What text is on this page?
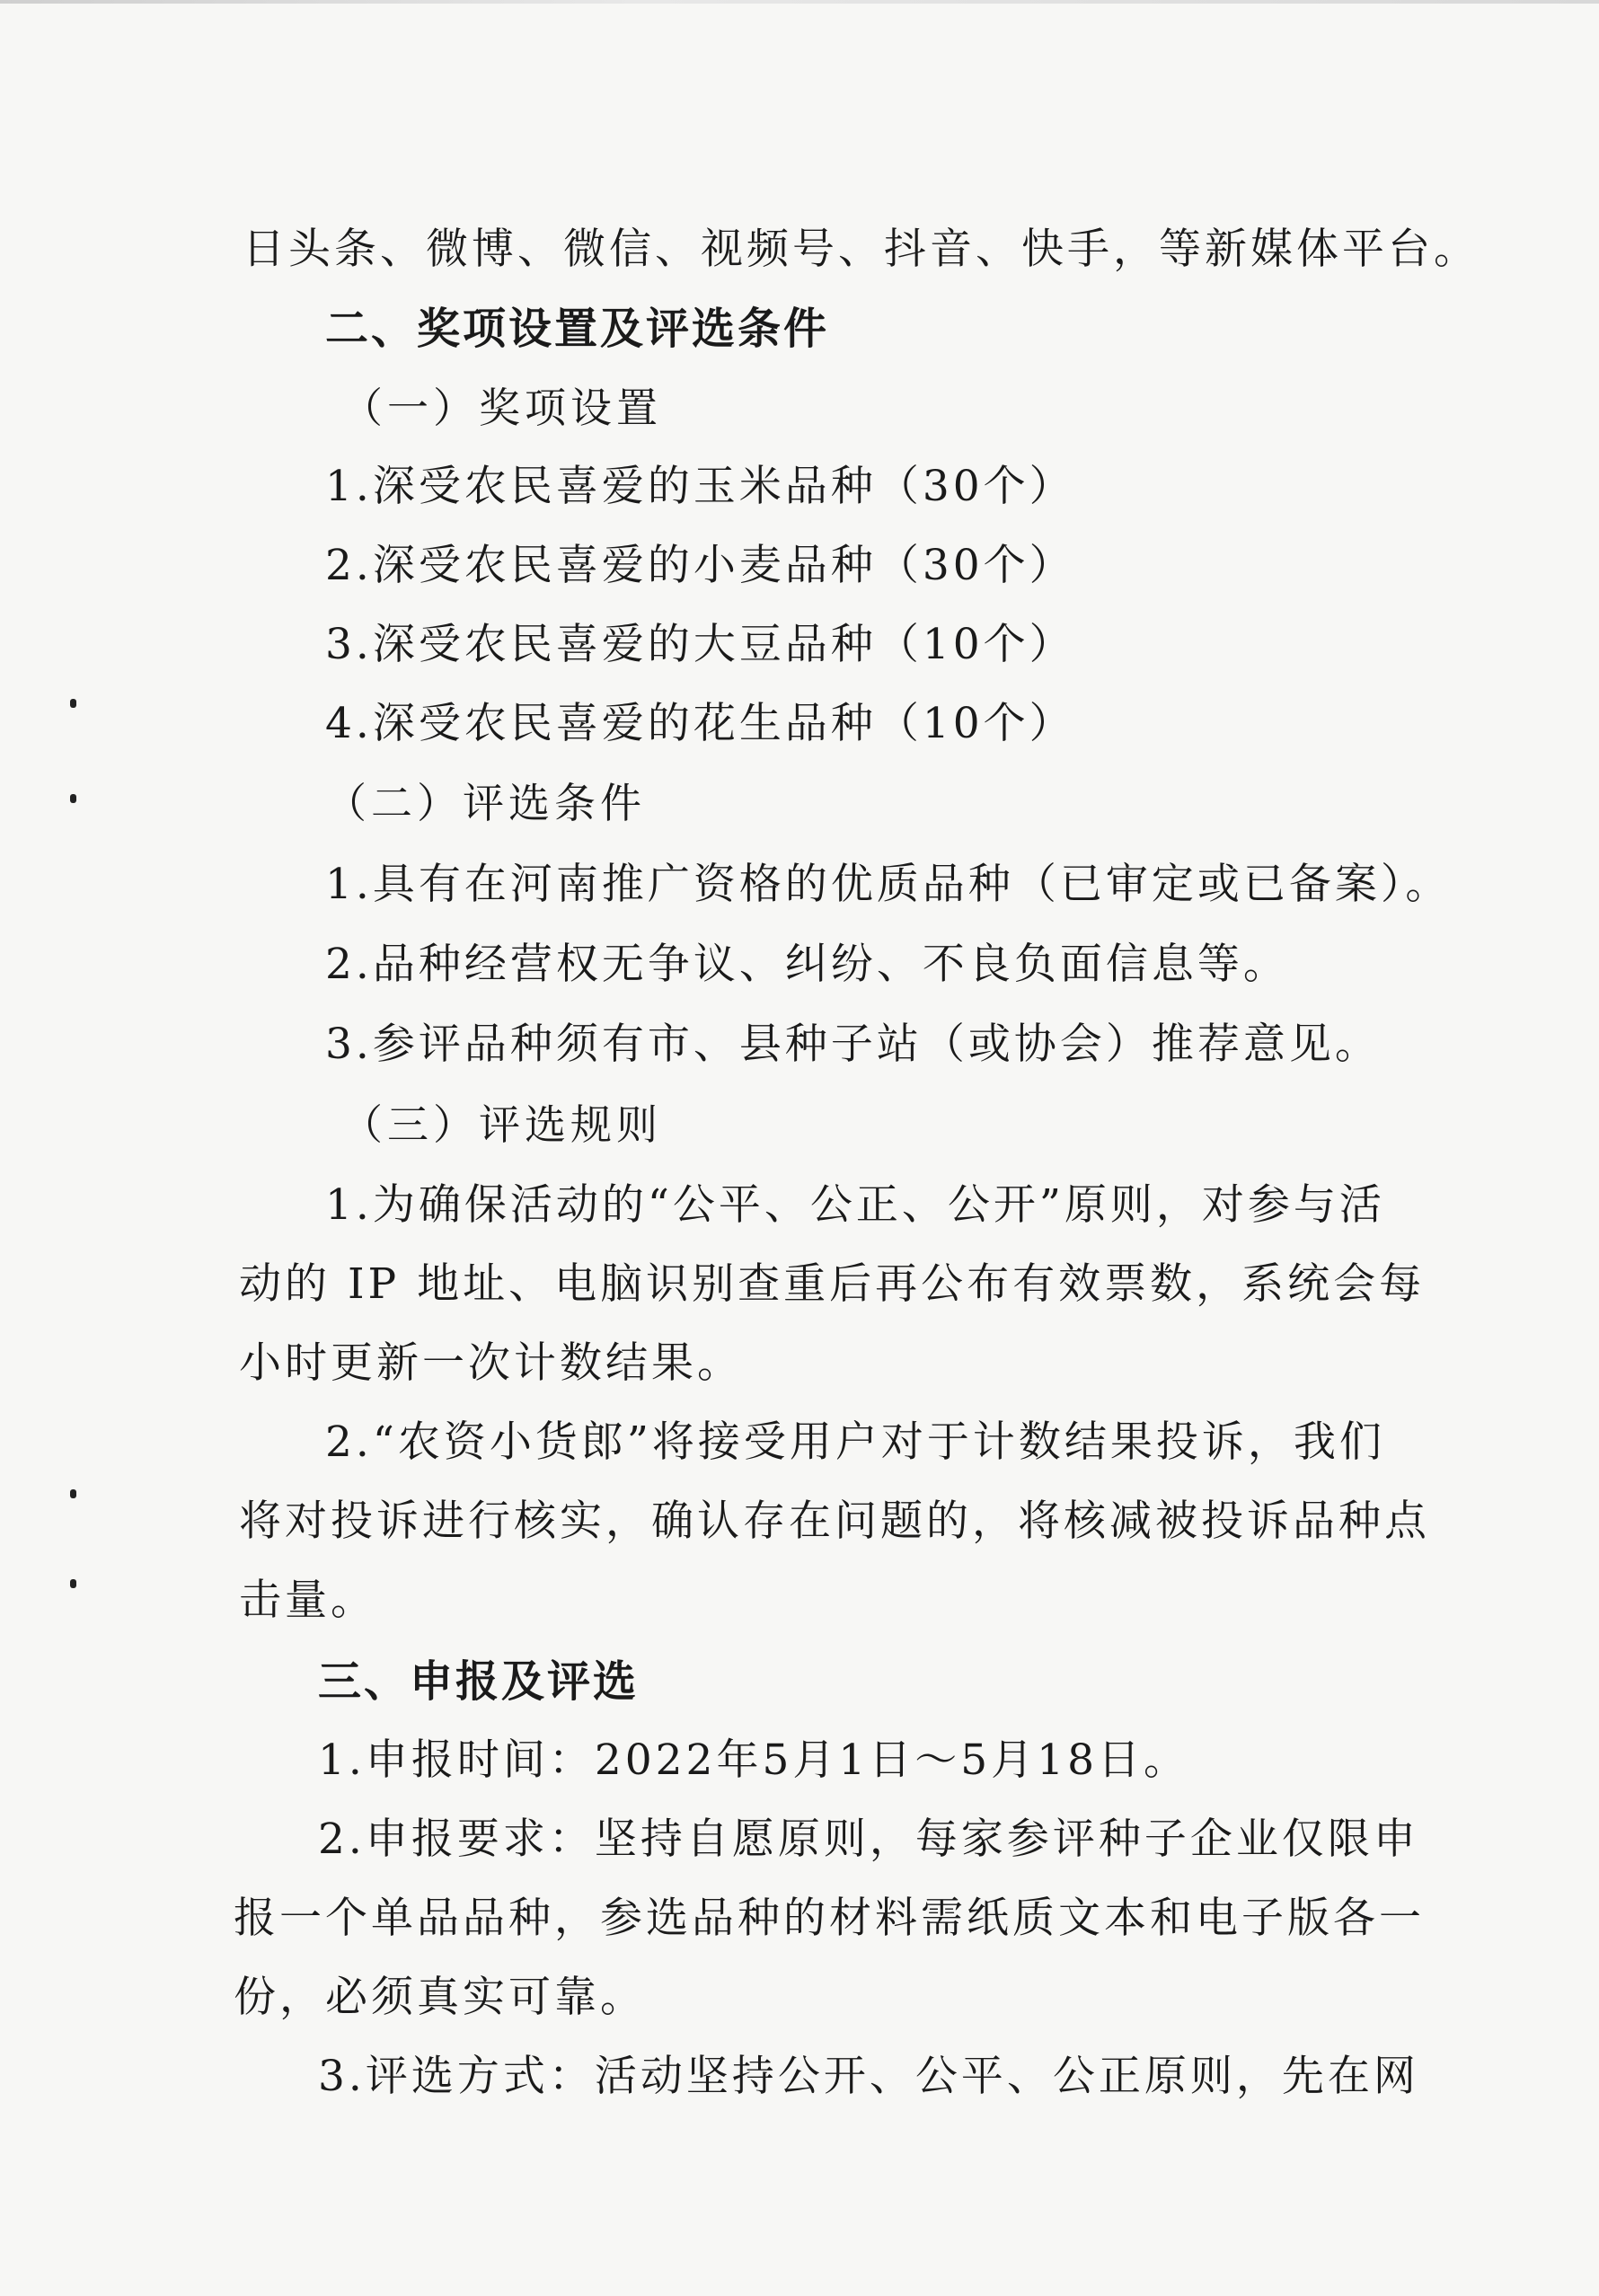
日头条、微博、微信、视频号、抖音、快手，等新媒体平台。
二、奖项设置及评选条件
（一）奖项设置
1.深受农民喜爱的玉米品种（30个）
2.深受农民喜爱的小麦品种（30个）
3.深受农民喜爱的大豆品种（10个）
4.深受农民喜爱的花生品种（10个）
（二）评选条件
1.具有在河南推广资格的优质品种（已审定或已备案）。
2.品种经营权无争议、纠纷、不良负面信息等。
3.参评品种须有市、县种子站（或协会）推荐意见。
（三）评选规则
1.为确保活动的“公平、公正、公开”原则，对参与活
动的 IP 地址、电脑识别查重后再公布有效票数，系统会每
小时更新一次计数结果。
2.“农资小货郎”将接受用户对于计数结果投诉，我们
将对投诉进行核实，确认存在问题的，将核减被投诉品种点
击量。
三、申报及评选
1.申报时间：2022年5月1日～5月18日。
2.申报要求：坚持自愿原则，每家参评种子企业仅限申
报一个单品品种，参选品种的材料需纸质文本和电子版各一
份，必须真实可靠。
3.评选方式：活动坚持公开、公平、公正原则，先在网
